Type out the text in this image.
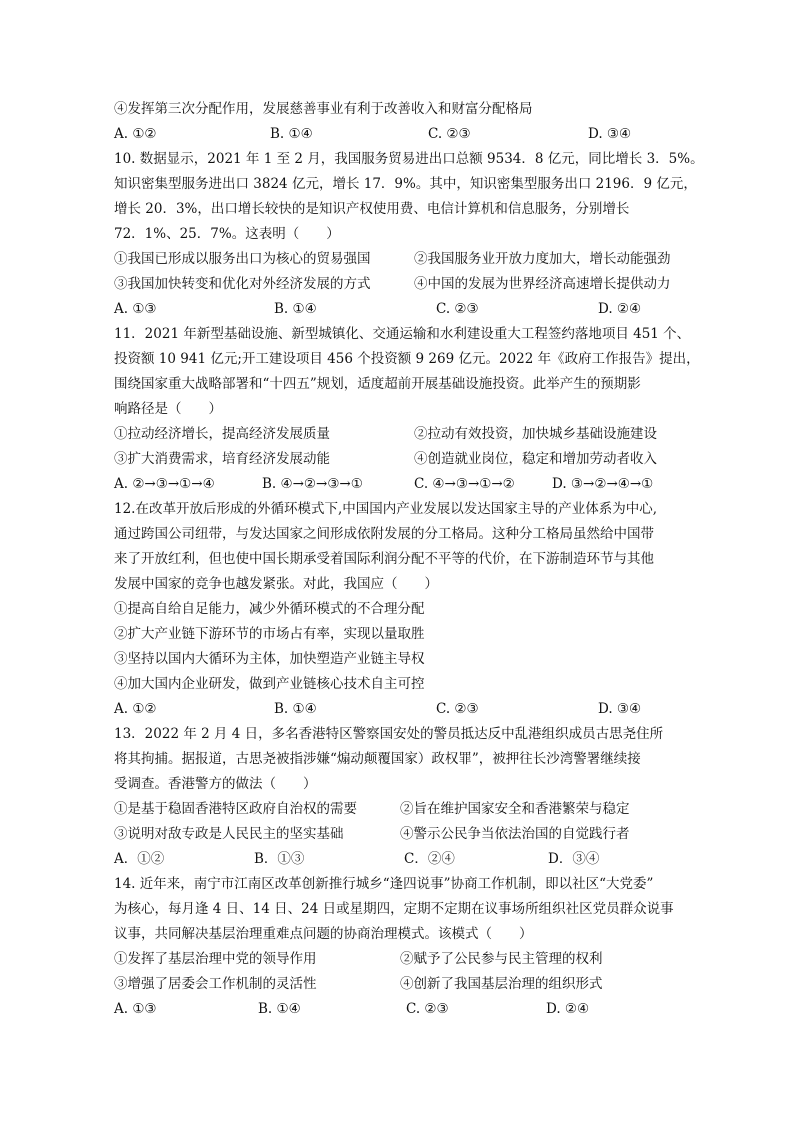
④发挥第三次分配作用，发展慈善事业有利于改善收入和财富分配格局
A. ①②	B. ①④	C. ②③	D. ③④
10. 数据显示，2021 年 1 至 2 月，我国服务贸易进出口总额 9534．8 亿元，同比增长 3．5%。
知识密集型服务进出口 3824 亿元，增长 17．9%。其中，知识密集型服务出口 2196．9 亿元，
增长 20．3%，出口增长较快的是知识产权使用费、电信计算机和信息服务，分别增长
72．1%、25．7%。这表明（　　）
①我国已形成以服务出口为核心的贸易强国	②我国服务业开放力度加大，增长动能强劲
③我国加快转变和优化对外经济发展的方式	④中国的发展为世界经济高速增长提供动力
A. ①③	B. ①④	C. ②③	D. ②④
11．2021 年新型基础设施、新型城镇化、交通运输和水利建设重大工程签约落地项目 451 个、
投资额 10 941 亿元;开工建设项目 456 个投资额 9 269 亿元。2022 年《政府工作报告》提出，
围绕国家重大战略部署和“十四五”规划，适度超前开展基础设施投资。此举产生的预期影
响路径是（　　）
①拉动经济增长，提高经济发展质量	②拉动有效投资，加快城乡基础设施建设
③扩大消费需求，培育经济发展动能	④创造就业岗位，稳定和增加劳动者收入
A. ②→③→①→④	B. ④→②→③→①	C. ④→③→①→②	D. ③→②→④→①
12.在改革开放后形成的外循环模式下,中国国内产业发展以发达国家主导的产业体系为中心,
通过跨国公司纽带，与发达国家之间形成依附发展的分工格局。这种分工格局虽然给中国带
来了开放红利，但也使中国长期承受着国际利润分配不平等的代价，在下游制造环节与其他
发展中国家的竞争也越发紧张。对此，我国应（　　）
①提高自给自足能力，减少外循环模式的不合理分配
②扩大产业链下游环节的市场占有率，实现以量取胜
③坚持以国内大循环为主体，加快塑造产业链主导权
④加大国内企业研发，做到产业链核心技术自主可控
A. ①②	B. ①④	C. ②③	D. ③④
13．2022 年 2 月 4 日，多名香港特区警察国安处的警员抵达反中乱港组织成员古思尧住所
将其拘捕。据报道，古思尧被指涉嫌“煽动颠覆国家）政权罪”，被押往长沙湾警署继续接
受调查。香港警方的做法（　　）
①是基于稳固香港特区政府自治权的需要	②旨在维护国家安全和香港繁荣与稳定
③说明对敌专政是人民民主的坚实基础	④警示公民争当依法治国的自觉践行者
A．①②	B．①③	C．②④	D．③④
14. 近年来，南宁市江南区改革创新推行城乡“逢四说事”协商工作机制，即以社区“大党委”
为核心，每月逢 4 日、14 日、24 日或星期四，定期不定期在议事场所组织社区党员群众说事
议事，共同解决基层治理重难点问题的协商治理模式。该模式（　　）
①发挥了基层治理中党的领导作用	②赋予了公民参与民主管理的权利
③增强了居委会工作机制的灵活性	④创新了我国基层治理的组织形式
A. ①③	B. ①④	C. ②③	D. ②④
